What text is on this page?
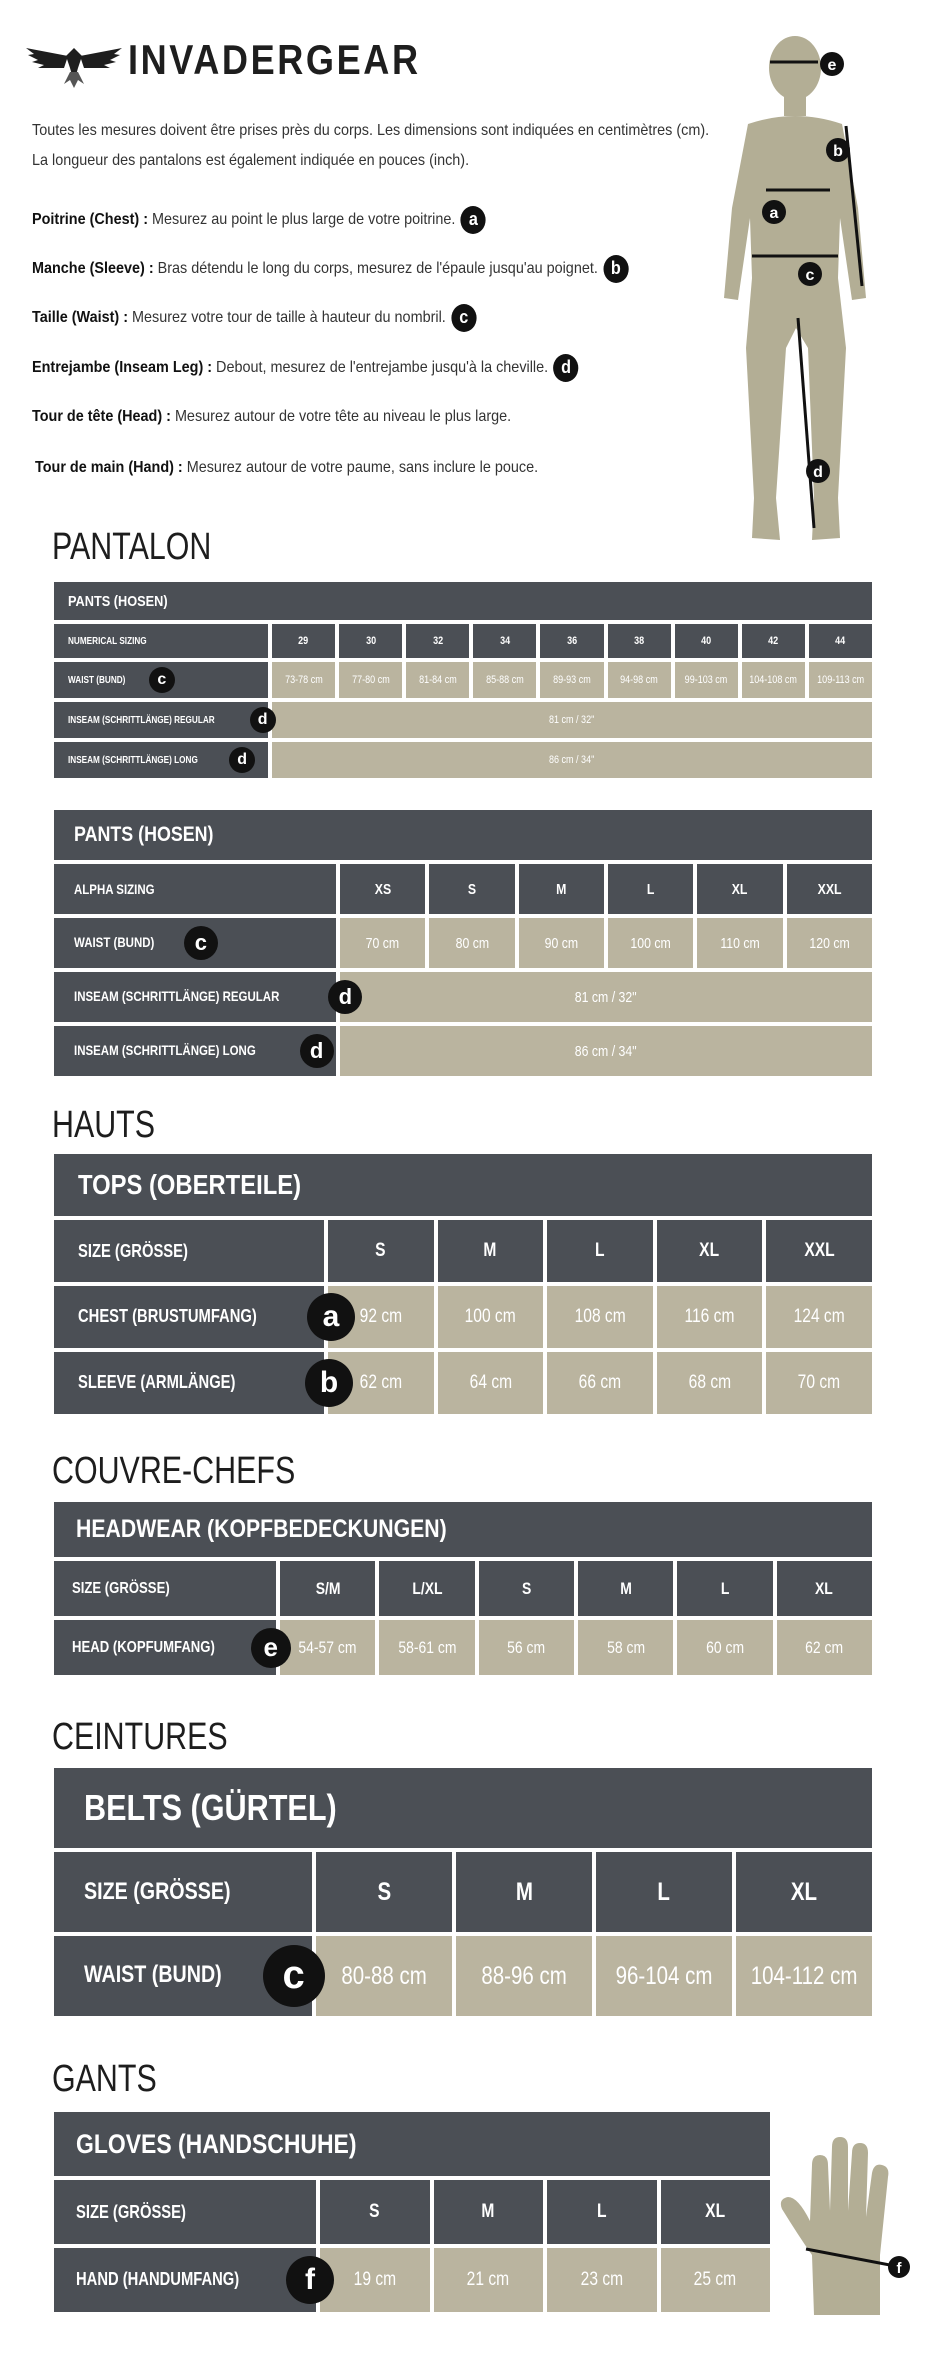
INVADERGEAR
Toutes les mesures doivent être prises près du corps. Les dimensions sont indiquées en centimètres (cm).
La longueur des pantalons est également indiquée en pouces (inch).
Poitrine (Chest) : Mesurez au point le plus large de votre poitrine. a
Manche (Sleeve) : Bras détendu le long du corps, mesurez de l'épaule jusqu'au poignet. b
Taille (Waist) : Mesurez votre tour de taille à hauteur du nombril. c
Entrejambe (Inseam Leg) : Debout, mesurez de l'entrejambe jusqu'à la cheville. d
Tour de tête (Head) : Mesurez autour de votre tête au niveau le plus large.
Tour de main (Hand) : Mesurez autour de votre paume, sans inclure le pouce.
e
b
a
c
d
PANTALON
PANTS (HOSEN)									
NUMERICAL SIZING	29	30	32	34	36	38	40	42	44
WAIST (BUND) c	73-78 cm	77-80 cm	81-84 cm	85-88 cm	89-93 cm	94-98 cm	99-103 cm	104-108 cm	109-113 cm
INSEAM (SCHRITTLÄNGE) REGULAR d	81 cm / 32"								
INSEAM (SCHRITTLÄNGE) LONG d	86 cm / 34"								
PANTS (HOSEN)						
ALPHA SIZING	XS	S	M	L	XL	XXL
WAIST (BUND) c	70 cm	80 cm	90 cm	100 cm	110 cm	120 cm
INSEAM (SCHRITTLÄNGE) REGULAR d	81 cm / 32"					
INSEAM (SCHRITTLÄNGE) LONG d	86 cm / 34"					
HAUTS
TOPS (OBERTEILE)					
SIZE (GRÖSSE)	S	M	L	XL	XXL
CHEST (BRUSTUMFANG) a	92 cm	100 cm	108 cm	116 cm	124 cm
SLEEVE (ARMLÄNGE) b	62 cm	64 cm	66 cm	68 cm	70 cm
COUVRE-CHEFS
HEADWEAR (KOPFBEDECKUNGEN)						
SIZE (GRÖSSE)	S/M	L/XL	S	M	L	XL
HEAD (KOPFUMFANG) e	54-57 cm	58-61 cm	56 cm	58 cm	60 cm	62 cm
CEINTURES
BELTS (GÜRTEL)				
SIZE (GRÖSSE)	S	M	L	XL
WAIST (BUND) c	80-88 cm	88-96 cm	96-104 cm	104-112 cm
GANTS
GLOVES (HANDSCHUHE)				
SIZE (GRÖSSE)	S	M	L	XL
HAND (HANDUMFANG) f	19 cm	21 cm	23 cm	25 cm
f
